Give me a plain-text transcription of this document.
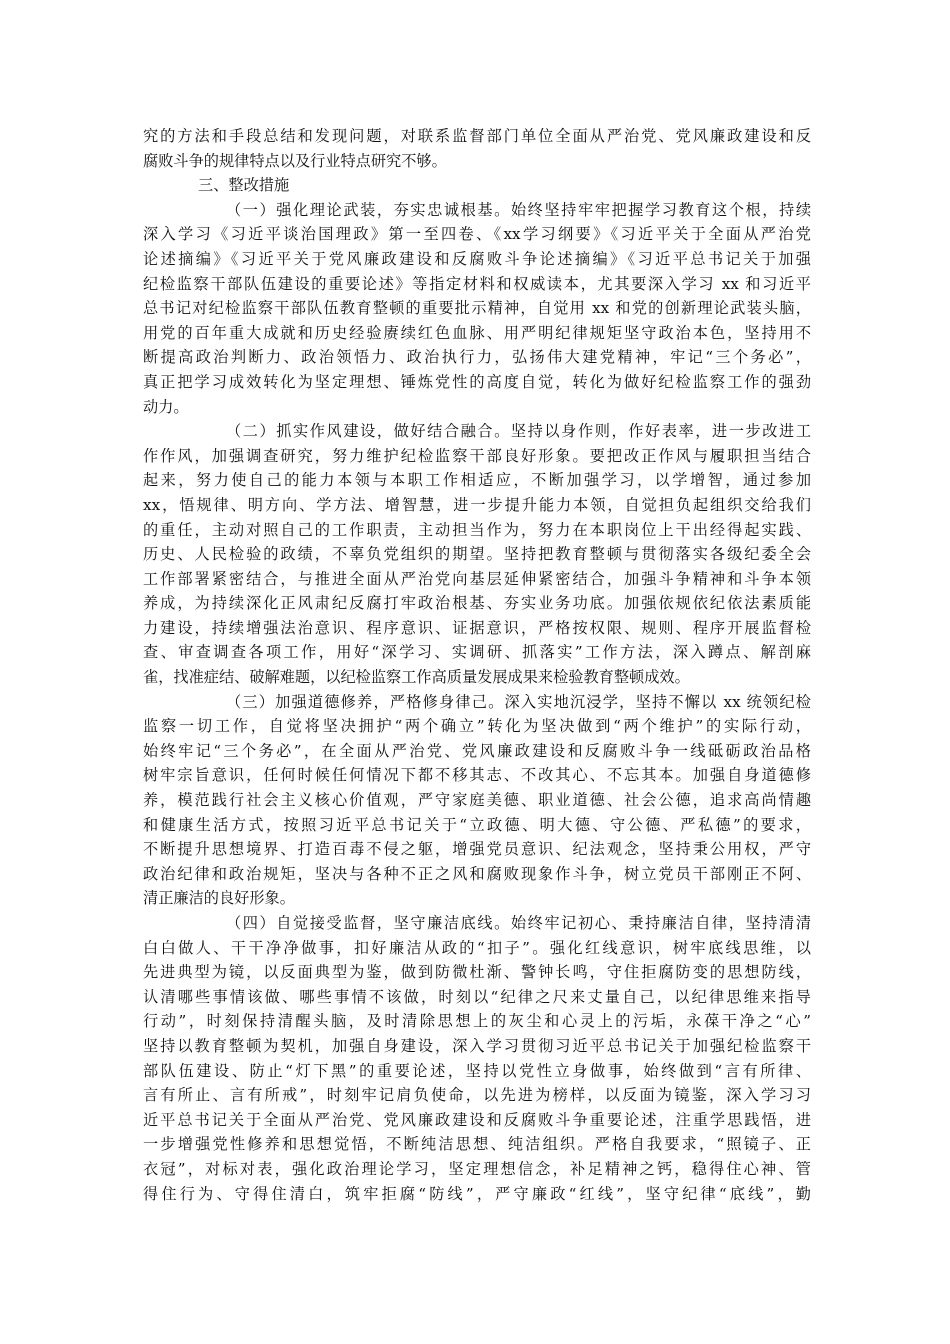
究的方法和手段总结和发现问题，对联系监督部门单位全面从严治党、党风廉政建设和反
腐败斗争的规律特点以及行业特点研究不够。
三、整改措施
（一）强化理论武装，夯实忠诚根基。始终坚持牢牢把握学习教育这个根，持续
深入学习《习近平谈治国理政》第一至四卷、《xx学习纲要》《习近平关于全面从严治党
论述摘编》《习近平关于党风廉政建设和反腐败斗争论述摘编》《习近平总书记关于加强
纪检监察干部队伍建设的重要论述》等指定材料和权威读本，尤其要深入学习 xx 和习近平
总书记对纪检监察干部队伍教育整顿的重要批示精神，自觉用 xx 和党的创新理论武装头脑，
用党的百年重大成就和历史经验赓续红色血脉、用严明纪律规矩坚守政治本色，坚持用不
断提高政治判断力、政治领悟力、政治执行力，弘扬伟大建党精神，牢记“三个务必”，
真正把学习成效转化为坚定理想、锤炼党性的高度自觉，转化为做好纪检监察工作的强劲
动力。
（二）抓实作风建设，做好结合融合。坚持以身作则，作好表率，进一步改进工
作作风，加强调查研究，努力维护纪检监察干部良好形象。要把改正作风与履职担当结合
起来，努力使自己的能力本领与本职工作相适应，不断加强学习，以学增智，通过参加
xx，悟规律、明方向、学方法、增智慧，进一步提升能力本领，自觉担负起组织交给我们
的重任，主动对照自己的工作职责，主动担当作为，努力在本职岗位上干出经得起实践、
历史、人民检验的政绩，不辜负党组织的期望。坚持把教育整顿与贯彻落实各级纪委全会
工作部署紧密结合，与推进全面从严治党向基层延伸紧密结合，加强斗争精神和斗争本领
养成，为持续深化正风肃纪反腐打牢政治根基、夯实业务功底。加强依规依纪依法素质能
力建设，持续增强法治意识、程序意识、证据意识，严格按权限、规则、程序开展监督检
查、审查调查各项工作，用好“深学习、实调研、抓落实”工作方法，深入蹲点、解剖麻
雀，找准症结、破解难题，以纪检监察工作高质量发展成果来检验教育整顿成效。
（三）加强道德修养，严格修身律己。深入实地沉浸学，坚持不懈以 xx 统领纪检
监察一切工作，自觉将坚决拥护“两个确立”转化为坚决做到“两个维护”的实际行动，
始终牢记“三个务必”，在全面从严治党、党风廉政建设和反腐败斗争一线砥砺政治品格
树牢宗旨意识，任何时候任何情况下都不移其志、不改其心、不忘其本。加强自身道德修
养，模范践行社会主义核心价值观，严守家庭美德、职业道德、社会公德，追求高尚情趣
和健康生活方式，按照习近平总书记关于“立政德、明大德、守公德、严私德”的要求，
不断提升思想境界、打造百毒不侵之躯，增强党员意识、纪法观念，坚持秉公用权，严守
政治纪律和政治规矩，坚决与各种不正之风和腐败现象作斗争，树立党员干部刚正不阿、
清正廉洁的良好形象。
（四）自觉接受监督，坚守廉洁底线。始终牢记初心、秉持廉洁自律，坚持清清
白白做人、干干净净做事，扣好廉洁从政的“扣子”。强化红线意识，树牢底线思维，以
先进典型为镜，以反面典型为鉴，做到防微杜渐、警钟长鸣，守住拒腐防变的思想防线，
认清哪些事情该做、哪些事情不该做，时刻以“纪律之尺来丈量自己，以纪律思维来指导
行动”，时刻保持清醒头脑，及时清除思想上的灰尘和心灵上的污垢，永葆干净之“心”
坚持以教育整顿为契机，加强自身建设，深入学习贯彻习近平总书记关于加强纪检监察干
部队伍建设、防止“灯下黑”的重要论述，坚持以党性立身做事，始终做到“言有所律、
言有所止、言有所戒”，时刻牢记肩负使命，以先进为榜样，以反面为镜鉴，深入学习习
近平总书记关于全面从严治党、党风廉政建设和反腐败斗争重要论述，注重学思践悟，进
一步增强党性修养和思想觉悟，不断纯洁思想、纯洁组织。严格自我要求，“照镜子、正
衣冠”，对标对表，强化政治理论学习，坚定理想信念，补足精神之钙，稳得住心神、管
得住行为、守得住清白，筑牢拒腐“防线”，严守廉政“红线”，坚守纪律“底线”，勤
